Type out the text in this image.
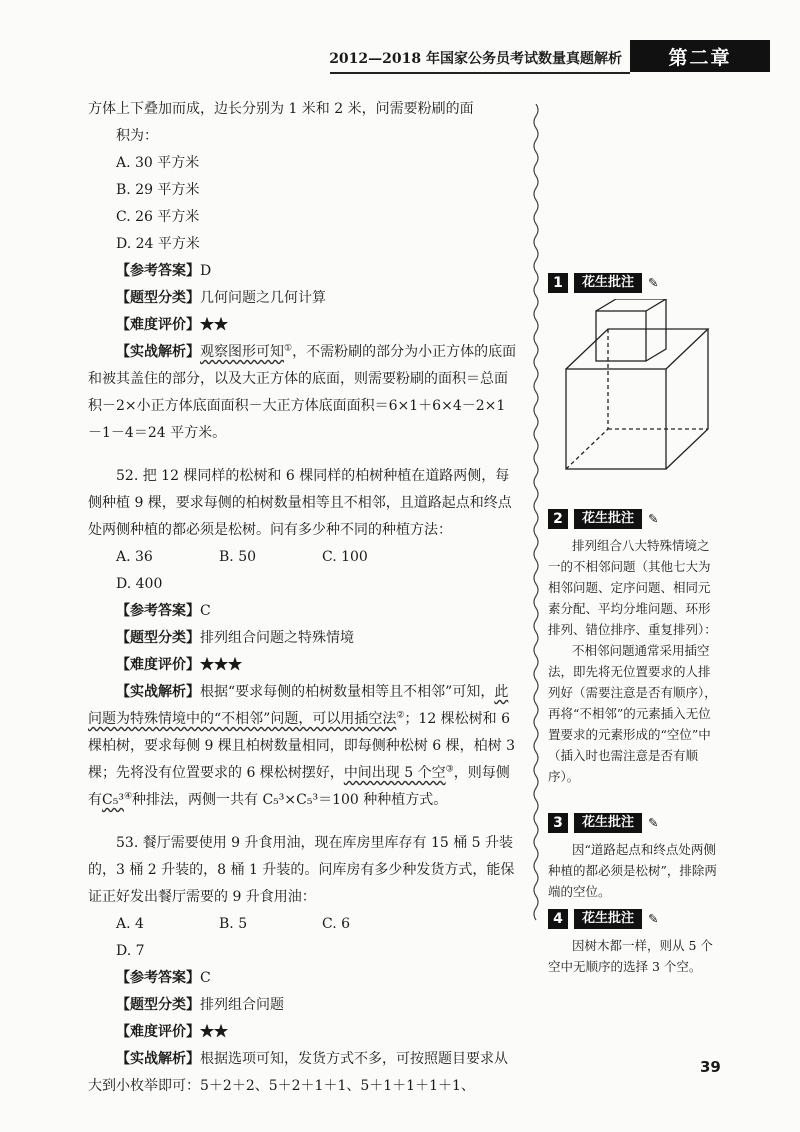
2012—2018 年国家公务员考试数量真题解析	第二章

方体上下叠加而成，边长分别为 1 米和 2 米，问需要粉刷的面

积为：

A. 30 平方米
B. 29 平方米
C. 26 平方米
D. 24 平方米

【参考答案】D

【题型分类】几何问题之几何计算

【难度评价】★★

【实战解析】观察图形可知①，不需粉刷的部分为小正方体的底面和被其盖住的部分，以及大正方体的底面，则需要粉刷的面积＝总面积－2×小正方体底面面积－大正方体底面面积＝6×1＋6×4－2×1－1－4＝24 平方米。

52. 把 12 棵同样的松树和 6 棵同样的柏树种植在道路两侧，每侧种植 9 棵，要求每侧的柏树数量相等且不相邻，且道路起点和终点处两侧种植的都必须是松树。问有多少种不同的种植方法：

A. 36	B. 50	C. 100
D. 400

【参考答案】C

【题型分类】排列组合问题之特殊情境

【难度评价】★★★

【实战解析】根据“要求每侧的柏树数量相等且不相邻”可知，此问题为特殊情境中的“不相邻”问题，可以用插空法②；12 棵松树和 6 棵柏树，要求每侧 9 棵且柏树数量相同，即每侧种松树 6 棵，柏树 3 棵；先将没有位置要求的 6 棵松树摆好，中间出现 5 个空③，则每侧有C₅³④种排法，两侧一共有 C₅³×C₅³＝100 种种植方式。

53. 餐厅需要使用 9 升食用油，现在库房里库存有 15 桶 5 升装的，3 桶 2 升装的，8 桶 1 升装的。问库房有多少种发货方式，能保证正好发出餐厅需要的 9 升食用油：

A. 4	B. 5	C. 6
D. 7

【参考答案】C

【题型分类】排列组合问题

【难度评价】★★

【实战解析】根据选项可知，发货方式不多，可按照题目要求从大到小枚举即可：5＋2＋2、5＋2＋1＋1、5＋1＋1＋1＋1、

1	花生批注	✎
2	花生批注	✎

排列组合八大特殊情境之一的不相邻问题（其他七大为相邻问题、定序问题、相同元素分配、平均分堆问题、环形排列、错位排序、重复排列）：

不相邻问题通常采用插空法，即先将无位置要求的人排列好（需要注意是否有顺序），再将“不相邻”的元素插入无位置要求的元素形成的“空位”中（插入时也需注意是否有顺序）。

3	花生批注	✎

因“道路起点和终点处两侧种植的都必须是松树”，排除两端的空位。

4	花生批注	✎

因树木都一样，则从 5 个空中无顺序的选择 3 个空。

39
